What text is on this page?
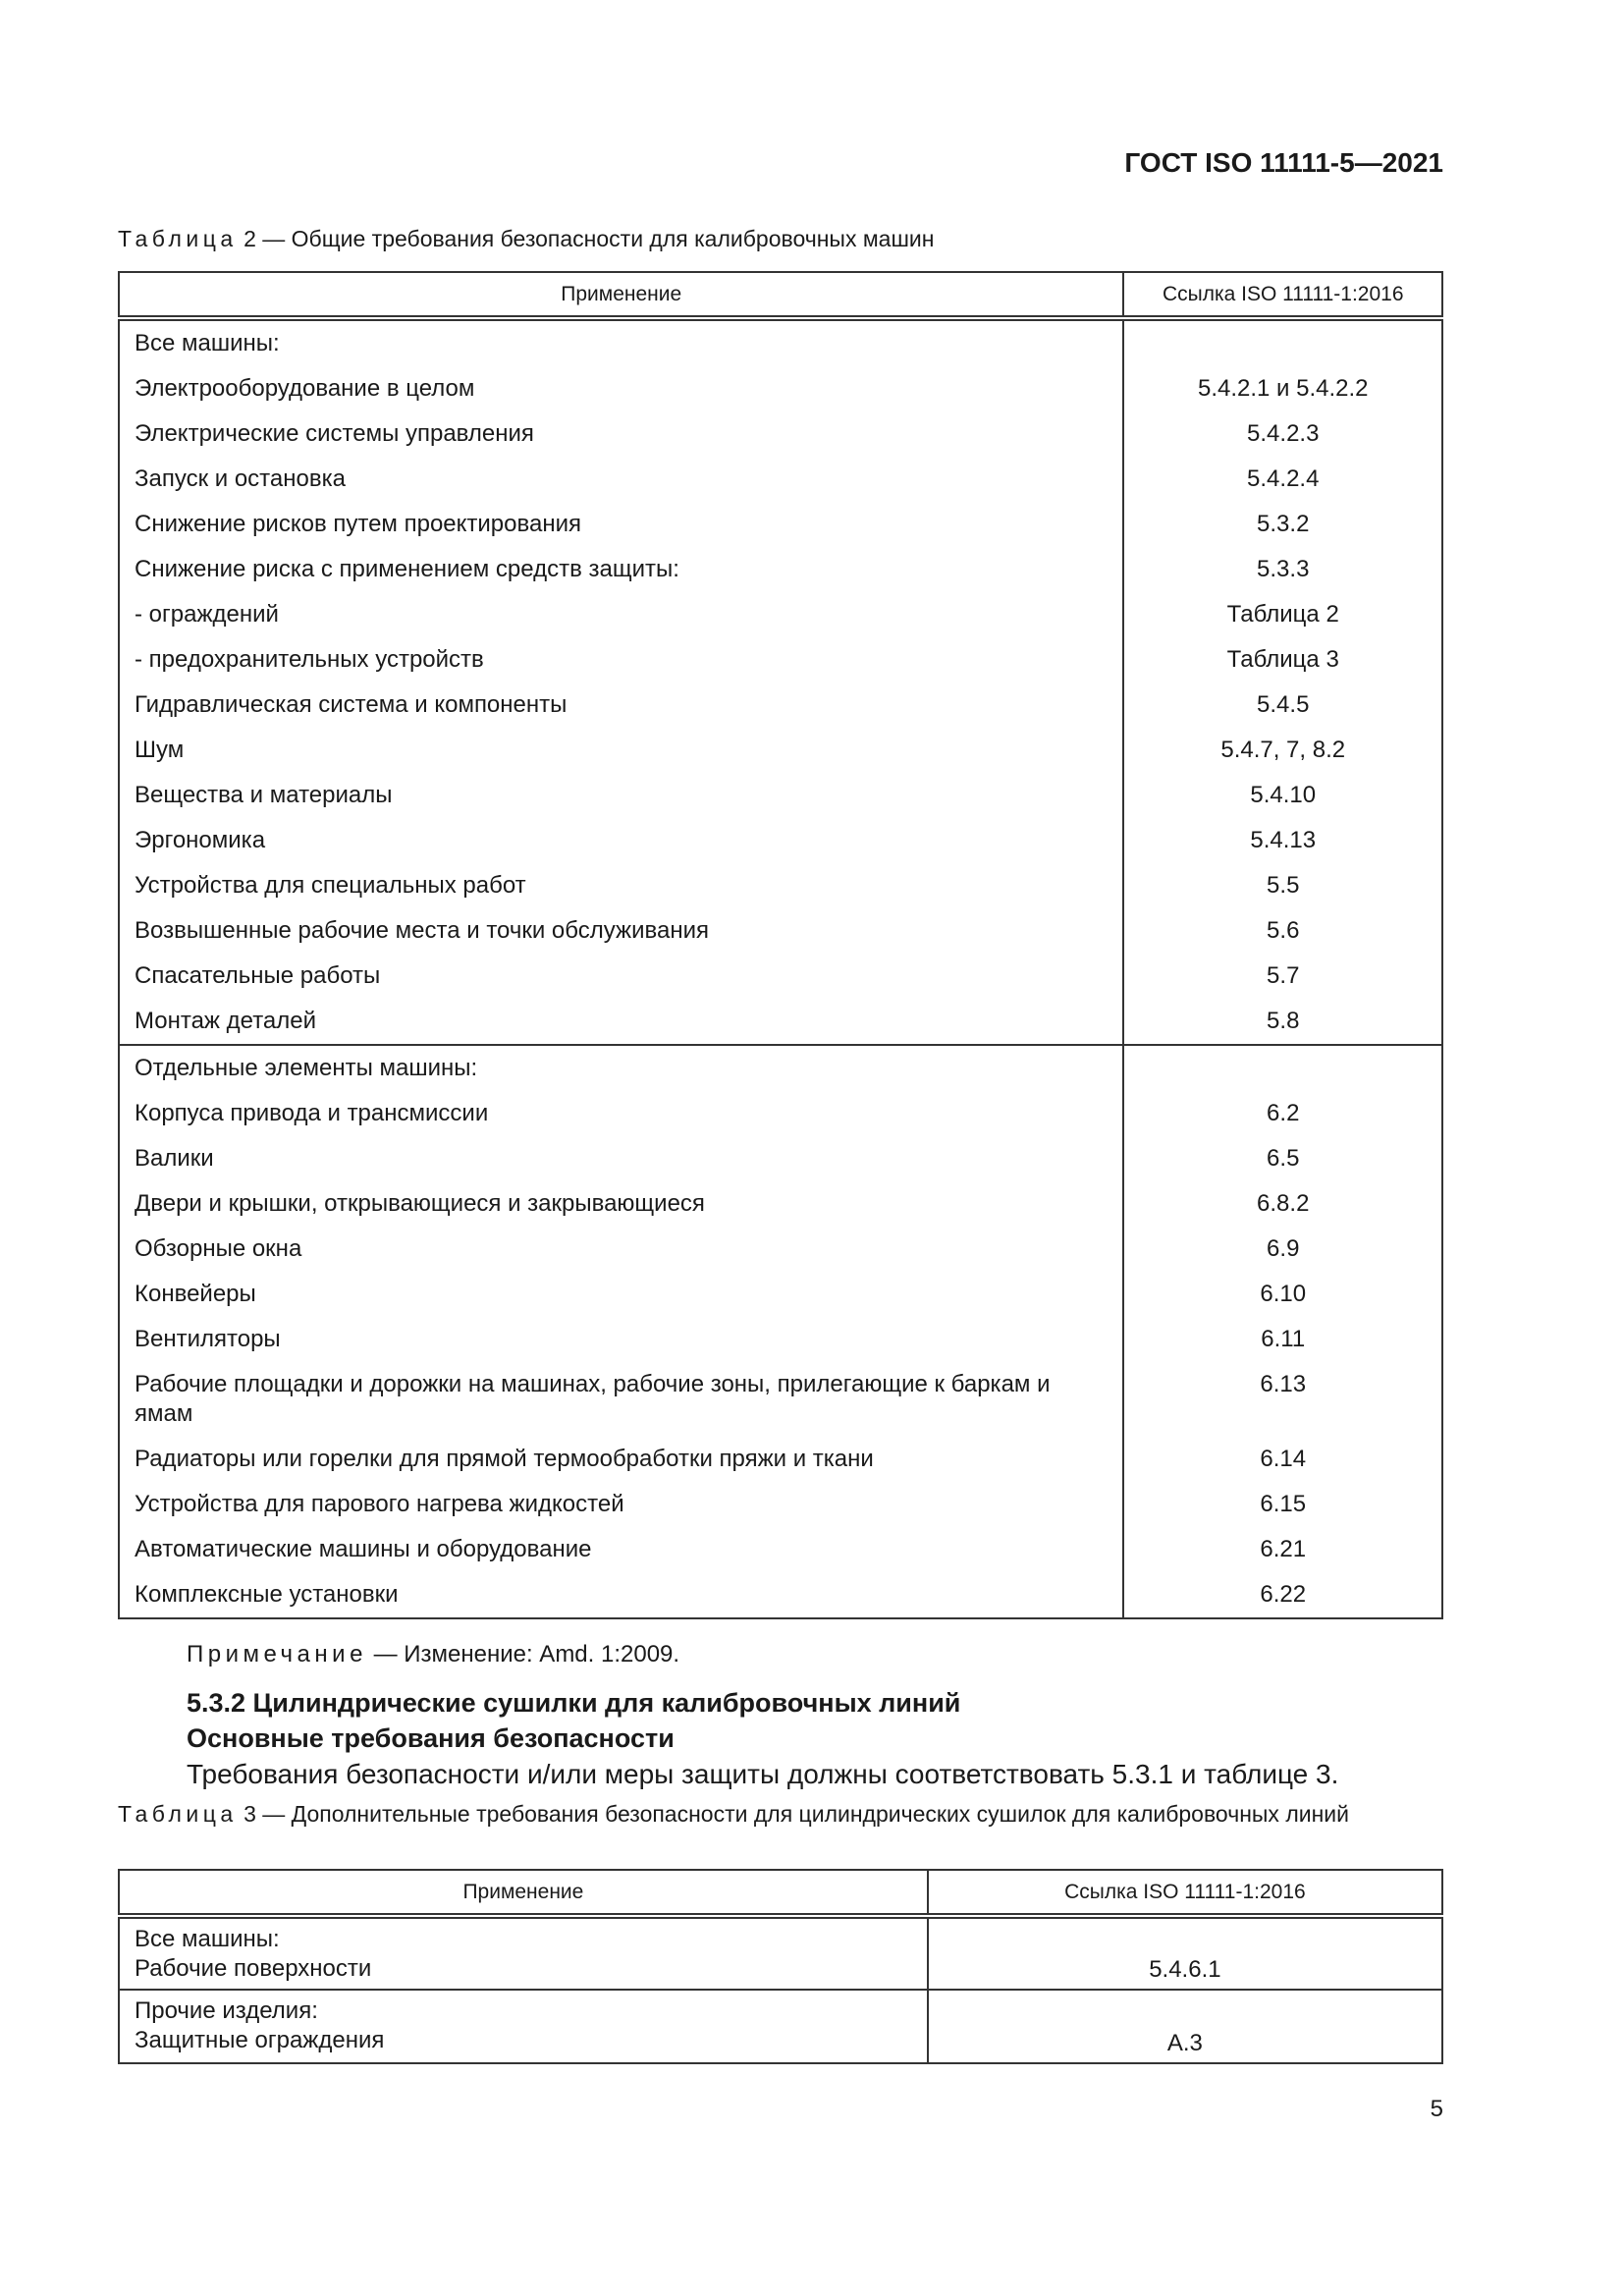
ГОСТ ISO 11111-5—2021
Таблица 2 — Общие требования безопасности для калибровочных машин
Применение	Ссылка ISO 11111-1:2016
Все машины:	
Электрооборудование в целом	5.4.2.1 и 5.4.2.2
Электрические системы управления	5.4.2.3
Запуск и остановка	5.4.2.4
Снижение рисков путем проектирования	5.3.2
Снижение риска с применением средств защиты:	5.3.3
- ограждений	Таблица 2
- предохранительных устройств	Таблица 3
Гидравлическая система и компоненты	5.4.5
Шум	5.4.7, 7, 8.2
Вещества и материалы	5.4.10
Эргономика	5.4.13
Устройства для специальных работ	5.5
Возвышенные рабочие места и точки обслуживания	5.6
Спасательные работы	5.7
Монтаж деталей	5.8
Отдельные элементы машины:	
Корпуса привода и трансмиссии	6.2
Валики	6.5
Двери и крышки, открывающиеся и закрывающиеся	6.8.2
Обзорные окна	6.9
Конвейеры	6.10
Вентиляторы	6.11
Рабочие площадки и дорожки на машинах, рабочие зоны, прилегающие к баркам и ямам	6.13
Радиаторы или горелки для прямой термообработки пряжи и ткани	6.14
Устройства для парового нагрева жидкостей	6.15
Автоматические машины и оборудование	6.21
Комплексные установки	6.22
Примечание — Изменение: Amd. 1:2009.
5.3.2 Цилиндрические сушилки для калибровочных линий
Основные требования безопасности
Требования безопасности и/или меры защиты должны соответствовать 5.3.1 и таблице 3.
Таблица 3 — Дополнительные требования безопасности для цилиндрических сушилок для калибровочных линий
Применение	Ссылка ISO 11111-1:2016

Все машины:
Рабочие поверхности	5.4.6.1

Прочие изделия:
Защитные ограждения	А.3
5
